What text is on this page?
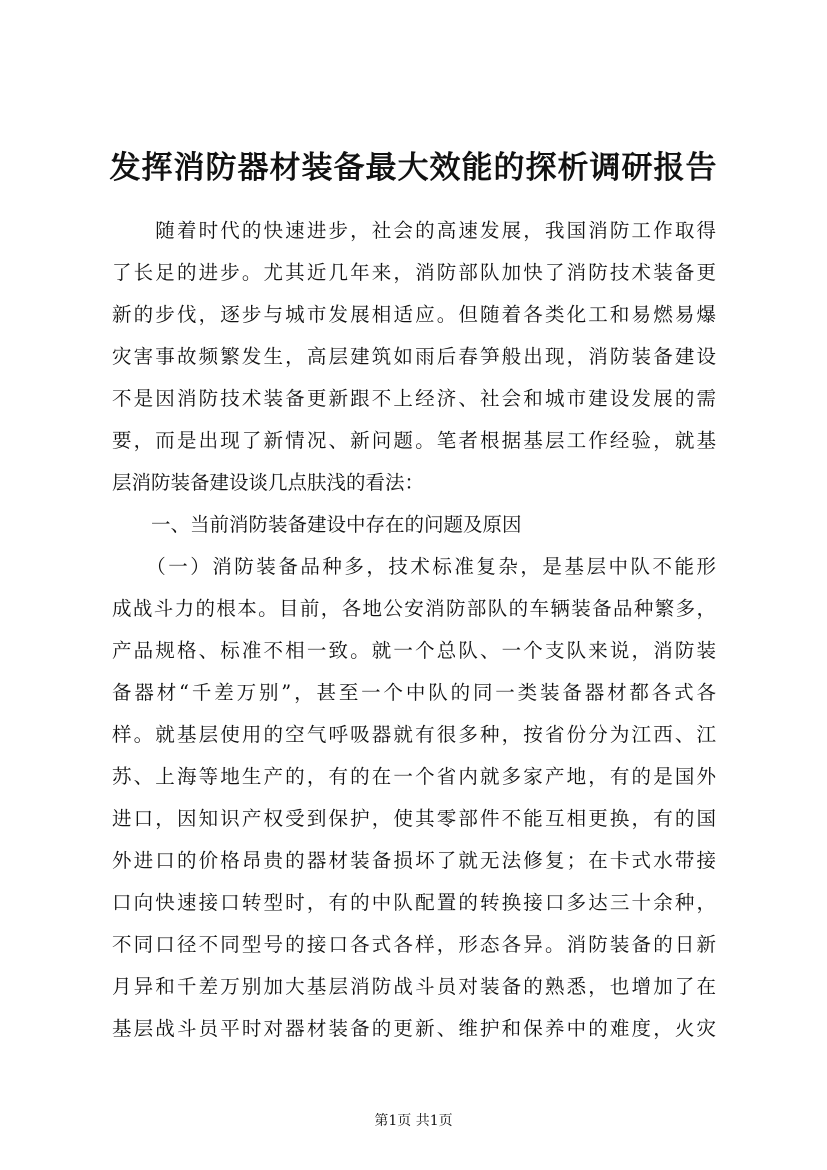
发挥消防器材装备最大效能的探析调研报告
　　随着时代的快速进步，社会的高速发展，我国消防工作取得
了长足的进步。尤其近几年来，消防部队加快了消防技术装备更
新的步伐，逐步与城市发展相适应。但随着各类化工和易燃易爆
灾害事故频繁发生，高层建筑如雨后春笋般出现，消防装备建设
不是因消防技术装备更新跟不上经济、社会和城市建设发展的需
要，而是出现了新情况、新问题。笔者根据基层工作经验，就基
层消防装备建设谈几点肤浅的看法：
　　一、当前消防装备建设中存在的问题及原因
　　（一）消防装备品种多，技术标准复杂，是基层中队不能形
成战斗力的根本。目前，各地公安消防部队的车辆装备品种繁多，
产品规格、标准不相一致。就一个总队、一个支队来说，消防装
备器材“千差万别”，甚至一个中队的同一类装备器材都各式各
样。就基层使用的空气呼吸器就有很多种，按省份分为江西、江
苏、上海等地生产的，有的在一个省内就多家产地，有的是国外
进口，因知识产权受到保护，使其零部件不能互相更换，有的国
外进口的价格昂贵的器材装备损坏了就无法修复；在卡式水带接
口向快速接口转型时，有的中队配置的转换接口多达三十余种，
不同口径不同型号的接口各式各样，形态各异。消防装备的日新
月异和千差万别加大基层消防战斗员对装备的熟悉，也增加了在
基层战斗员平时对器材装备的更新、维护和保养中的难度，火灾
第1页 共1页
